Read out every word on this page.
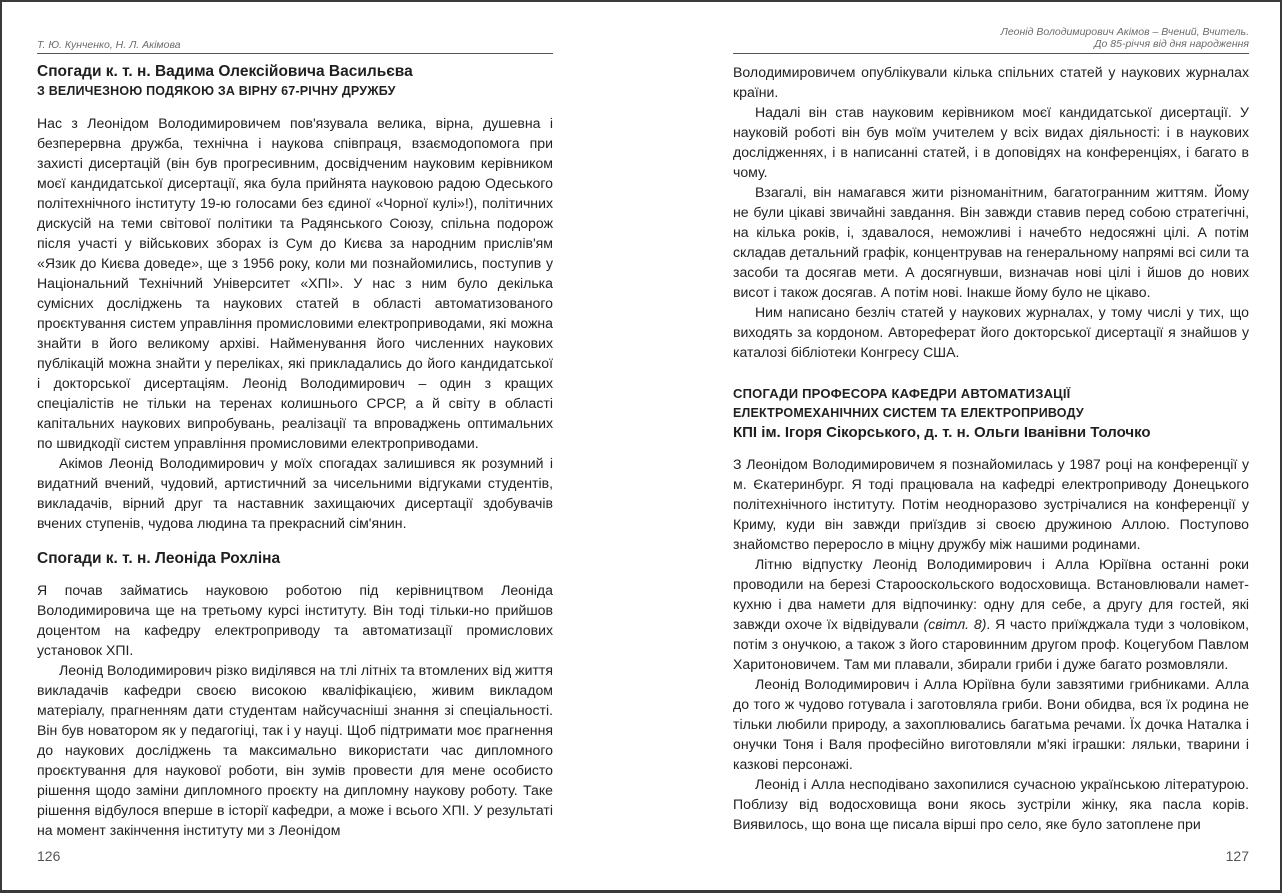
Т. Ю. Кунченко, Н. Л. Акімова
Спогади к. т. н. Вадима Олексійовича Васильєва
З ВЕЛИЧЕЗНОЮ ПОДЯКОЮ ЗА ВІРНУ 67-РІЧНУ ДРУЖБУ

Нас з Леонідом Володимировичем пов'язувала велика, вірна, душевна і безперервна дружба, технічна і наукова співпраця, взаємодопомога при захисті дисертацій (він був прогресивним, досвідченим науковим керівником моєї кандидатської дисертації, яка була прийнята науковою радою Одеського політехнічного інституту 19-ю голосами без єдиної «Чорної кулі»!), політичних дискусій на теми світової політики та Радянського Союзу, спільна подорож після участі у військових зборах із Сум до Києва за народним прислів'ям «Язик до Києва доведе», ще з 1956 року, коли ми познайомились, поступив у Національний Технічний Університет «ХПІ». У нас з ним було декілька сумісних досліджень та наукових статей в області автоматизованого проєктування систем управління промисловими електроприводами, які можна знайти в його великому архіві. Найменування його численних наукових публікацій можна знайти у переліках, які прикладались до його кандидатської і докторської дисертаціям. Леонід Володимирович – один з кращих спеціалістів не тільки на теренах колишнього СРСР, а й світу в області капітальних наукових випробувань, реалізації та впроваджень оптимальних по швидкодії систем управління промисловими електроприводами.

Акімов Леонід Володимирович у моїх спогадах залишився як розумний і видатний вчений, чудовий, артистичний за чисельними відгуками студентів, викладачів, вірний друг та наставник захищаючих дисертації здобувачів вчених ступенів, чудова людина та прекрасний сім'янин.

Спогади к. т. н. Леоніда Рохліна

Я почав займатись науковою роботою під керівництвом Леоніда Володимировича ще на третьому курсі інституту. Він тоді тільки-но прийшов доцентом на кафедру електроприводу та автоматизації промислових установок ХПІ.

Леонід Володимирович різко виділявся на тлі літніх та втомлених від життя викладачів кафедри своєю високою кваліфікацією, живим викладом матеріалу, прагненням дати студентам найсучасніші знання зі спеціальності. Він був новатором як у педагогіці, так і у науці. Щоб підтримати моє прагнення до наукових досліджень та максимально використати час дипломного проєктування для наукової роботи, він зумів провести для мене особисто рішення щодо заміни дипломного проєкту на дипломну наукову роботу. Таке рішення відбулося вперше в історії кафедри, а може і всього ХПІ. У результаті на момент закінчення інституту ми з Леонідом

126
Леонід Володимирович Акімов – Вчений, Вчитель.
До 85-річчя від дня народження

Володимировичем опублікували кілька спільних статей у наукових журналах країни.

Надалі він став науковим керівником моєї кандидатської дисертації. У науковій роботі він був моїм учителем у всіх видах діяльності: і в наукових дослідженнях, і в написанні статей, і в доповідях на конференціях, і багато в чому.

Взагалі, він намагався жити різноманітним, багатогранним життям. Йому не були цікаві звичайні завдання. Він завжди ставив перед собою стратегічні, на кілька років, і, здавалося, неможливі і начебто недосяжні цілі. А потім складав детальний графік, концентрував на генеральному напрямі всі сили та засоби та досягав мети. А досягнувши, визначав нові цілі і йшов до нових висот і також досягав. А потім нові. Інакше йому було не цікаво.

Ним написано безліч статей у наукових журналах, у тому числі у тих, що виходять за кордоном. Автореферат його докторської дисертації я знайшов у каталозі бібліотеки Конгресу США.

СПОГАДИ ПРОФЕСОРА КАФЕДРИ АВТОМАТИЗАЦІЇ
ЕЛЕКТРОМЕХАНІЧНИХ СИСТЕМ ТА ЕЛЕКТРОПРИВОДУ
КПІ ім. Ігоря Сікорського, д. т. н. Ольги Іванівни Толочко

З Леонідом Володимировичем я познайомилась у 1987 році на конференції у м. Єкатеринбург. Я тоді працювала на кафедрі електроприводу Донецького політехнічного інституту. Потім неодноразово зустрічалися на конференції у Криму, куди він завжди приїздив зі своєю дружиною Аллою. Поступово знайомство переросло в міцну дружбу між нашими родинами.

Літню відпустку Леонід Володимирович і Алла Юріївна останні роки проводили на березі Старооскольского водосховища. Встановлювали намет-кухню і два намети для відпочинку: одну для себе, а другу для гостей, які завжди охоче їх відвідували (світл. 8). Я часто приїжджала туди з чоловіком, потім з онучкою, а також з його старовинним другом проф. Коцегубом Павлом Харитоновичем. Там ми плавали, збирали гриби і дуже багато розмовляли.

Леонід Володимирович і Алла Юріївна були завзятими грибниками. Алла до того ж чудово готувала і заготовляла гриби. Вони обидва, вся їх родина не тільки любили природу, а захоплювались багатьма речами. Їх дочка Наталка і онучки Тоня і Валя професійно виготовляли м'які іграшки: ляльки, тварини і казкові персонажі.

Леонід і Алла несподівано захопилися сучасною українською літературою. Поблизу від водосховища вони якось зустріли жінку, яка пасла корів. Виявилось, що вона ще писала вірші про село, яке було затоплене при

127
